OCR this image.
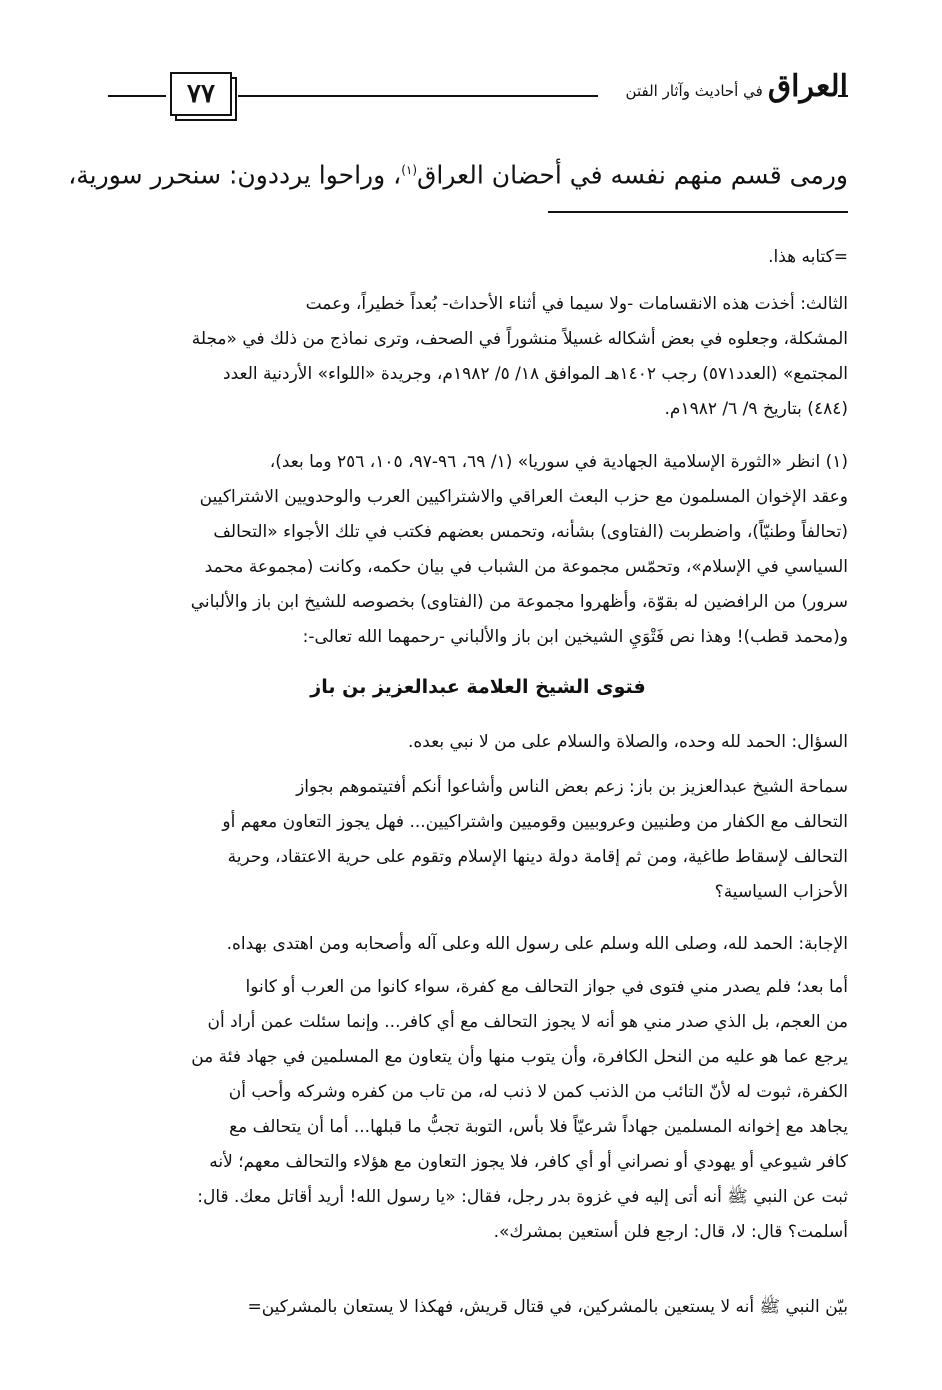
٧٧	العراق في أحاديث وآثار الفتن
ورمى قسم منهم نفسه في أحضان العراق$^{(١)}$، وراحوا يرددون: سنحرر سورية،
=كتابه هذا.
الثالث: أخذت هذه الانقسامات -ولا سيما في أثناء الأحداث- بُعداً خطيراً، وعمت
المشكلة، وجعلوه في بعض أشكاله غسيلاً منشوراً في الصحف، وترى نماذج من ذلك في «مجلة
المجتمع» (العدد٥٧١) رجب ١٤٠٢هـ الموافق ١٨/ ٥/ ١٩٨٢م، وجريدة «اللواء» الأردنية العدد
(٤٨٤) بتاريخ ٩/ ٦/ ١٩٨٢م.
(١) انظر «الثورة الإسلامية الجهادية في سوريا» (١/ ٦٩، ٩٦-٩٧، ١٠٥، ٢٥٦ وما بعد)،
وعقد الإخوان المسلمون مع حزب البعث العراقي والاشتراكيين العرب والوحدويين الاشتراكيين
(تحالفاً وطنيّاً)، واضطربت (الفتاوى) بشأنه، وتحمس بعضهم فكتب في تلك الأجواء «التحالف
السياسي في الإسلام»، وتحمّس مجموعة من الشباب في بيان حكمه، وكانت (مجموعة محمد
سرور) من الرافضين له بقوّة، وأظهروا مجموعة من (الفتاوى) بخصوصه للشيخ ابن باز والألباني
و(محمد قطب)! وهذا نص فَتْوَيِ الشيخين ابن باز والألباني -رحمهما الله تعالى-:
فتوى الشيخ العلامة عبدالعزيز بن باز
السؤال: الحمد لله وحده، والصلاة والسلام على من لا نبي بعده.
سماحة الشيخ عبدالعزيز بن باز: زعم بعض الناس وأشاعوا أنكم أفتيتموهم بجواز
التحالف مع الكفار من وطنيين وعروبيين وقوميين واشتراكيين... فهل يجوز التعاون معهم أو
التحالف لإسقاط طاغية، ومن ثم إقامة دولة دينها الإسلام وتقوم على حرية الاعتقاد، وحرية
الأحزاب السياسية؟
الإجابة: الحمد لله، وصلى الله وسلم على رسول الله وعلى آله وأصحابه ومن اهتدى بهداه.
أما بعد؛ فلم يصدر مني فتوى في جواز التحالف مع كفرة، سواء كانوا من العرب أو كانوا
من العجم، بل الذي صدر مني هو أنه لا يجوز التحالف مع أي كافر... وإنما سئلت عمن أراد أن
يرجع عما هو عليه من النحل الكافرة، وأن يتوب منها وأن يتعاون مع المسلمين في جهاد فئة من
الكفرة، ثبوت له لأنّ التائب من الذنب كمن لا ذنب له، من تاب من كفره وشركه وأحب أن
يجاهد مع إخوانه المسلمين جهاداً شرعيّاً فلا بأس، التوبة تجبُّ ما قبلها... أما أن يتحالف مع
كافر شيوعي أو يهودي أو نصراني أو أي كافر، فلا يجوز التعاون مع هؤلاء والتحالف معهم؛ لأنه
ثبت عن النبي ﷺ أنه أتى إليه في غزوة بدر رجل، فقال: «يا رسول الله! أريد أقاتل معك. قال:
أسلمت؟ قال: لا، قال: ارجع فلن أستعين بمشرك».
بيّن النبي ﷺ أنه لا يستعين بالمشركين، في قتال قريش، فهكذا لا يستعان بالمشركين=
